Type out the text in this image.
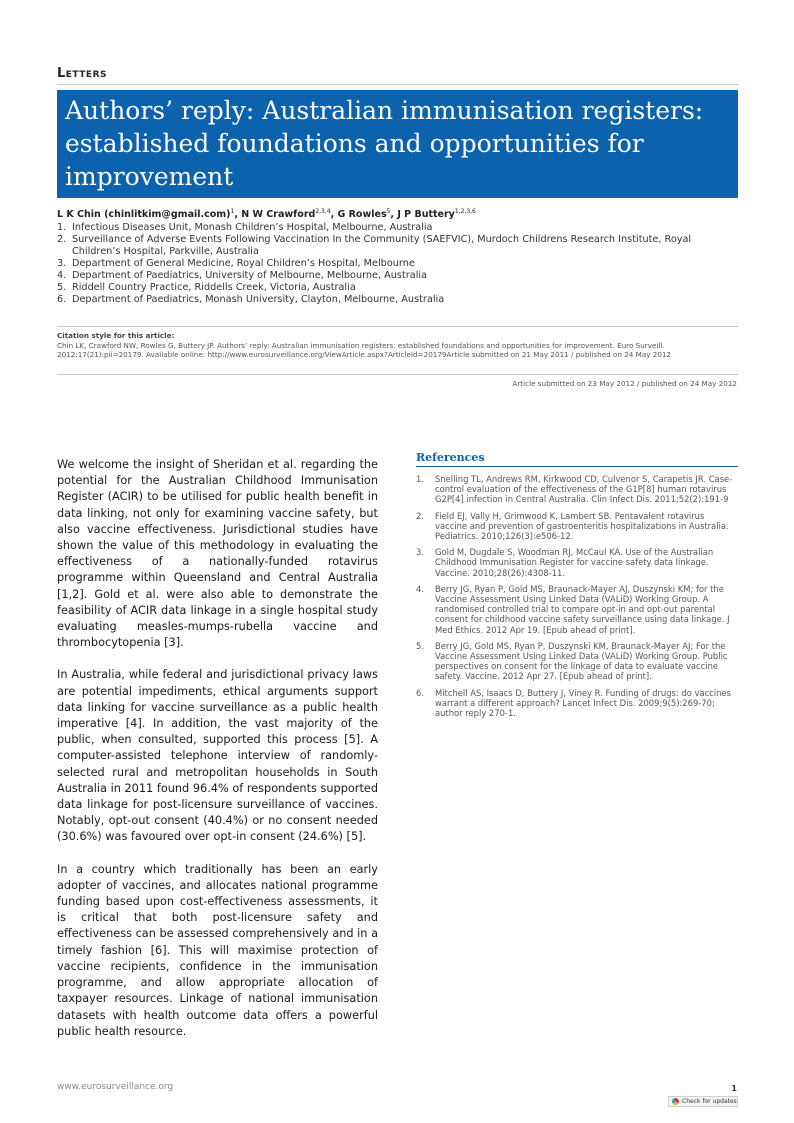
Letters
Authors’ reply: Australian immunisation registers: established foundations and opportunities for improvement
L K Chin (chinlitkim@gmail.com)$^1$, N W Crawford$^{2,3,4}$, G Rowles$^5$, J P Buttery$^{1,2,3,6}$
1. Infectious Diseases Unit, Monash Children’s Hospital, Melbourne, Australia
2. Surveillance of Adverse Events Following Vaccination In the Community (SAEFVIC), Murdoch Childrens Research Institute, Royal Children’s Hospital, Parkville, Australia
3. Department of General Medicine, Royal Children’s Hospital, Melbourne
4. Department of Paediatrics, University of Melbourne, Melbourne, Australia
5. Riddell Country Practice, Riddells Creek, Victoria, Australia
6. Department of Paediatrics, Monash University, Clayton, Melbourne, Australia
Citation style for this article:
Chin LK, Crawford NW, Rowles G, Buttery JP. Authors’ reply: Australian immunisation registers: established foundations and opportunities for improvement. Euro Surveill. 2012;17(21):pii=20179. Available online: http://www.eurosurveillance.org/ViewArticle.aspx?ArticleId=20179Article submitted on 21 May 2011 / published on 24 May 2012
Article submitted on 23 May 2012 / published on 24 May 2012

We welcome the insight of Sheridan et al. regarding the potential for the Australian Childhood Immunisation Register (ACIR) to be utilised for public health benefit in data linking, not only for examining vaccine safety, but also vaccine effectiveness. Jurisdictional studies have shown the value of this methodology in evaluating the effectiveness of a nationally-funded rotavirus programme within Queensland and Central Australia [1,2]. Gold et al. were also able to demonstrate the feasibility of ACIR data linkage in a single hospital study evaluating measles-mumps-rubella vaccine and thrombocytopenia [3].

In Australia, while federal and jurisdictional privacy laws are potential impediments, ethical arguments support data linking for vaccine surveillance as a public health imperative [4]. In addition, the vast majority of the public, when consulted, supported this process [5]. A computer-assisted telephone interview of randomly-selected rural and metropolitan households in South Australia in 2011 found 96.4% of respondents supported data linkage for post-licensure surveillance of vaccines. Notably, opt-out consent (40.4%) or no consent needed (30.6%) was favoured over opt-in consent (24.6%) [5].

In a country which traditionally has been an early adopter of vaccines, and allocates national programme funding based upon cost-effectiveness assessments, it is critical that both post-licensure safety and effectiveness can be assessed comprehensively and in a timely fashion [6]. This will maximise protection of vaccine recipients, confidence in the immunisation programme, and allow appropriate allocation of taxpayer resources. Linkage of national immunisation datasets with health outcome data offers a powerful public health resource.

References
1.	Snelling TL, Andrews RM, Kirkwood CD, Culvenor S, Carapetis JR. Case-control evaluation of the effectiveness of the G1P[8] human rotavirus G2P[4] infection in Central Australia. Clin Infect Dis. 2011;52(2):191-9
2.	Field EJ, Vally H, Grimwood K, Lambert SB. Pentavalent rotavirus vaccine and prevention of gastroenteritis hospitalizations in Australia. Pediatrics. 2010;126(3):e506-12.
3.	Gold M, Dugdale S, Woodman RJ, McCaul KA. Use of the Australian Childhood Immunisation Register for vaccine safety data linkage. Vaccine. 2010;28(26):4308-11.
4.	Berry JG, Ryan P, Gold MS, Braunack-Mayer AJ, Duszynski KM; for the Vaccine Assessment Using Linked Data (VALiD) Working Group. A randomised controlled trial to compare opt-in and opt-out parental consent for childhood vaccine safety surveillance using data linkage. J Med Ethics. 2012 Apr 19. [Epub ahead of print].
5.	Berry JG, Gold MS, Ryan P, Duszynski KM, Braunack-Mayer AJ; For the Vaccine Assessment Using Linked Data (VALiD) Working Group. Public perspectives on consent for the linkage of data to evaluate vaccine safety. Vaccine. 2012 Apr 27. [Epub ahead of print].
6.	Mitchell AS, Isaacs D, Buttery J, Viney R. Funding of drugs: do vaccines warrant a different approach? Lancet Infect Dis. 2009;9(5):269-70; author reply 270-1.
www.eurosurveillance.org	1
Check for updates
